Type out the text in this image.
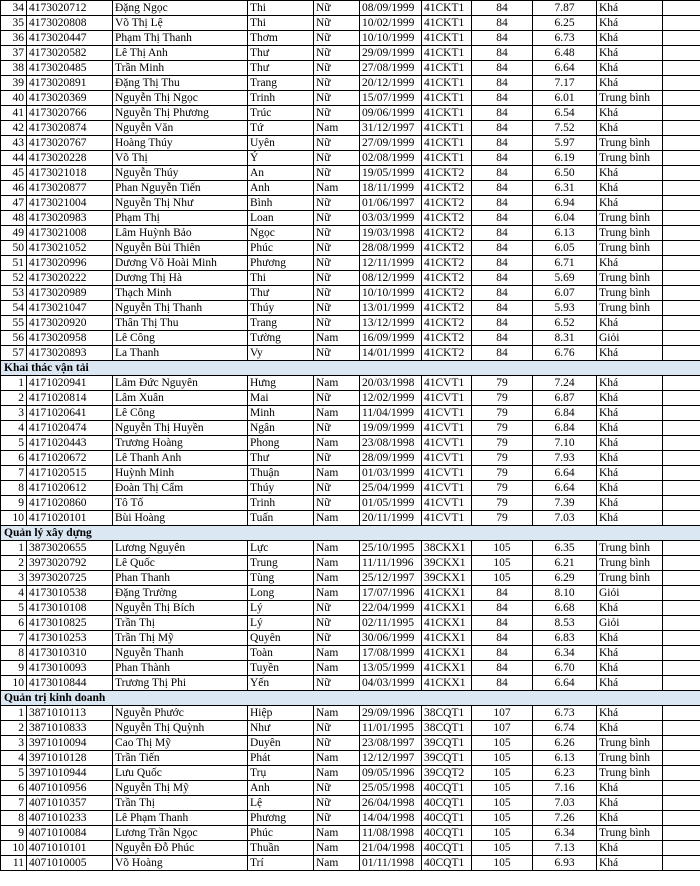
34	4173020712	Đặng Ngọc	Thi	Nữ	08/09/1999	41CKT1	84	7.87	Khá	
35	4173020808	Võ Thị Lệ	Thi	Nữ	10/02/1999	41CKT1	84	6.25	Khá	
36	4173020447	Phạm Thị Thanh	Thơm	Nữ	10/10/1999	41CKT1	84	6.73	Khá	
37	4173020582	Lê Thị Anh	Thư	Nữ	29/09/1999	41CKT1	84	6.48	Khá	
38	4173020485	Trần Minh	Thư	Nữ	27/08/1999	41CKT1	84	6.64	Khá	
39	4173020891	Đặng Thị Thu	Trang	Nữ	20/12/1999	41CKT1	84	7.17	Khá	
40	4173020369	Nguyễn Thị Ngọc	Trinh	Nữ	15/07/1999	41CKT1	84	6.01	Trung bình	
41	4173020766	Nguyễn Thị Phương	Trúc	Nữ	09/06/1999	41CKT1	84	6.54	Khá	
42	4173020874	Nguyễn Văn	Tứ	Nam	31/12/1997	41CKT1	84	7.52	Khá	
43	4173020767	Hoàng Thúy	Uyên	Nữ	27/09/1999	41CKT1	84	5.97	Trung bình	
44	4173020228	Võ Thị	Ý	Nữ	02/08/1999	41CKT1	84	6.19	Trung bình	
45	4173021018	Nguyễn Thúy	An	Nữ	19/05/1999	41CKT2	84	6.50	Khá	
46	4173020877	Phan Nguyễn Tiến	Anh	Nam	18/11/1999	41CKT2	84	6.31	Khá	
47	4173021004	Nguyễn Thị Như	Bình	Nữ	01/06/1997	41CKT2	84	6.94	Khá	
48	4173020983	Phạm Thị	Loan	Nữ	03/03/1999	41CKT2	84	6.04	Trung bình	
49	4173021008	Lâm Huỳnh Bảo	Ngọc	Nữ	19/03/1998	41CKT2	84	6.13	Trung bình	
50	4173021052	Nguyễn Bùi Thiên	Phúc	Nữ	28/08/1999	41CKT2	84	6.05	Trung bình	
51	4173020996	Dương Võ Hoài Minh	Phương	Nữ	12/11/1999	41CKT2	84	6.71	Khá	
52	4173020222	Dương Thị Hà	Thi	Nữ	08/12/1999	41CKT2	84	5.69	Trung bình	
53	4173020989	Thạch Minh	Thư	Nữ	10/10/1999	41CKT2	84	6.07	Trung bình	
54	4173021047	Nguyễn Thị Thanh	Thúy	Nữ	13/01/1999	41CKT2	84	5.93	Trung bình	
55	4173020920	Thân Thị Thu	Trang	Nữ	13/12/1999	41CKT2	84	6.52	Khá	
56	4173020958	Lê Công	Tường	Nam	16/09/1999	41CKT2	84	8.31	Giỏi	
57	4173020893	La Thanh	Vy	Nữ	14/01/1999	41CKT2	84	6.76	Khá	
Khai thác vận tải										
1	4171020941	Lâm Đức Nguyên	Hưng	Nam	20/03/1998	41CVT1	79	7.24	Khá	
2	4171020814	Lâm Xuân	Mai	Nữ	12/02/1999	41CVT1	79	6.87	Khá	
3	4171020641	Lê Công	Minh	Nam	11/04/1999	41CVT1	79	6.84	Khá	
4	4171020474	Nguyễn Thị Huyền	Ngân	Nữ	19/09/1999	41CVT1	79	6.84	Khá	
5	4171020443	Trương Hoàng	Phong	Nam	23/08/1998	41CVT1	79	7.10	Khá	
6	4171020672	Lê Thanh Anh	Thư	Nữ	28/09/1999	41CVT1	79	7.93	Khá	
7	4171020515	Huỳnh Minh	Thuận	Nam	01/03/1999	41CVT1	79	6.64	Khá	
8	4171020612	Đoàn Thị Cẩm	Thúy	Nữ	25/04/1999	41CVT1	79	6.64	Khá	
9	4171020860	Tô Tố	Trinh	Nữ	01/05/1999	41CVT1	79	7.39	Khá	
10	4171020101	Bùi Hoàng	Tuấn	Nam	20/11/1999	41CVT1	79	7.03	Khá	
Quản lý xây dựng										
1	3873020655	Lương Nguyên	Lực	Nam	25/10/1995	38CKX1	105	6.35	Trung bình	
2	3973020792	Lê Quốc	Trung	Nam	11/11/1996	39CKX1	105	6.21	Trung bình	
3	3973020725	Phan Thanh	Tùng	Nam	25/12/1997	39CKX1	105	6.29	Trung bình	
4	4173010538	Đặng Trường	Long	Nam	17/07/1996	41CKX1	84	8.10	Giỏi	
5	4173010108	Nguyễn Thị Bích	Lý	Nữ	22/04/1999	41CKX1	84	6.68	Khá	
6	4173010825	Trần Thị	Lý	Nữ	02/11/1995	41CKX1	84	8.53	Giỏi	
7	4173010253	Trần Thị Mỹ	Quyên	Nữ	30/06/1999	41CKX1	84	6.83	Khá	
8	4173010310	Nguyễn Thanh	Toàn	Nam	17/08/1999	41CKX1	84	6.34	Khá	
9	4173010093	Phan Thành	Tuyền	Nam	13/05/1999	41CKX1	84	6.70	Khá	
10	4173010844	Trương Thị Phi	Yến	Nữ	04/03/1999	41CKX1	84	6.64	Khá	
Quản trị kinh doanh										
1	3871010113	Nguyễn Phước	Hiệp	Nam	29/09/1996	38CQT1	107	6.73	Khá	
2	3871010833	Nguyễn Thị Quỳnh	Như	Nữ	11/01/1995	38CQT1	107	6.74	Khá	
3	3971010094	Cao Thị Mỹ	Duyên	Nữ	23/08/1997	39CQT1	105	6.26	Trung bình	
4	3971010128	Trần Tiến	Phát	Nam	12/12/1997	39CQT1	105	6.13	Trung bình	
5	3971010944	Lưu Quốc	Trụ	Nam	09/05/1996	39CQT2	105	6.23	Trung bình	
6	4071010956	Nguyễn Thị Mỹ	Anh	Nữ	25/05/1998	40CQT1	105	7.16	Khá	
7	4071010357	Trần Thị	Lệ	Nữ	26/04/1998	40CQT1	105	7.03	Khá	
8	4071010233	Lê Phạm Thanh	Phương	Nữ	14/04/1998	40CQT1	105	7.26	Khá	
9	4071010084	Lương Trần Ngọc	Phúc	Nam	11/08/1998	40CQT1	105	6.34	Trung bình	
10	4071010101	Nguyễn Đỗ Phúc	Thuần	Nam	21/04/1998	40CQT1	105	7.13	Khá	
11	4071010005	Võ Hoàng	Trí	Nam	01/11/1998	40CQT1	105	6.93	Khá	
